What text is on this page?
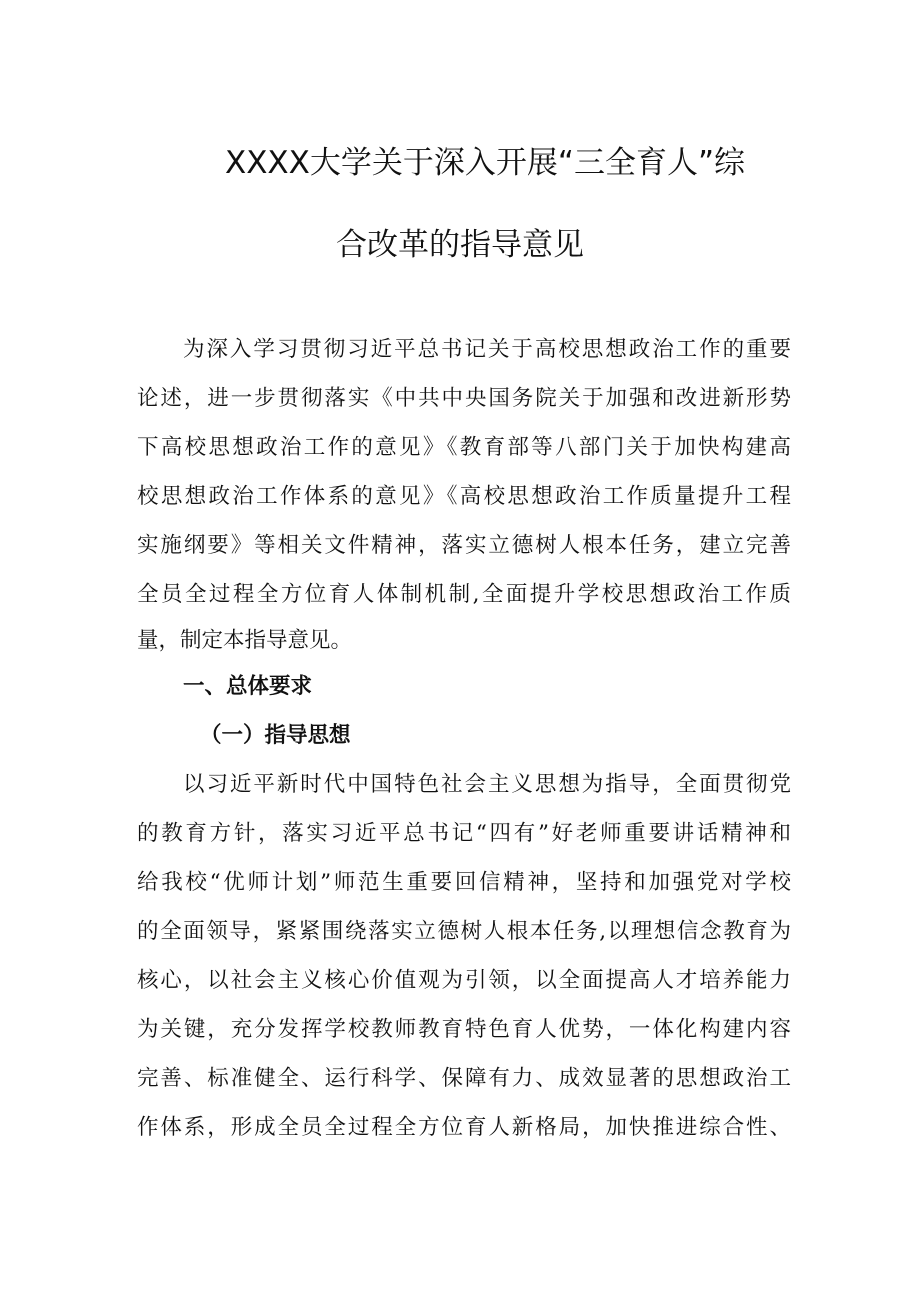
XXXX大学关于深入开展“三全育人”综
合改革的指导意见
为深入学习贯彻习近平总书记关于高校思想政治工作的重要
论述，进一步贯彻落实《中共中央国务院关于加强和改进新形势
下高校思想政治工作的意见》《教育部等八部门关于加快构建高
校思想政治工作体系的意见》《高校思想政治工作质量提升工程
实施纲要》等相关文件精神，落实立德树人根本任务，建立完善
全员全过程全方位育人体制机制,全面提升学校思想政治工作质
量，制定本指导意见。
一、总体要求
（一）指导思想
以习近平新时代中国特色社会主义思想为指导，全面贯彻党
的教育方针，落实习近平总书记“四有”好老师重要讲话精神和
给我校“优师计划”师范生重要回信精神，坚持和加强党对学校
的全面领导，紧紧围绕落实立德树人根本任务,以理想信念教育为
核心，以社会主义核心价值观为引领，以全面提高人才培养能力
为关键，充分发挥学校教师教育特色育人优势，一体化构建内容
完善、标准健全、运行科学、保障有力、成效显著的思想政治工
作体系，形成全员全过程全方位育人新格局，加快推进综合性、
